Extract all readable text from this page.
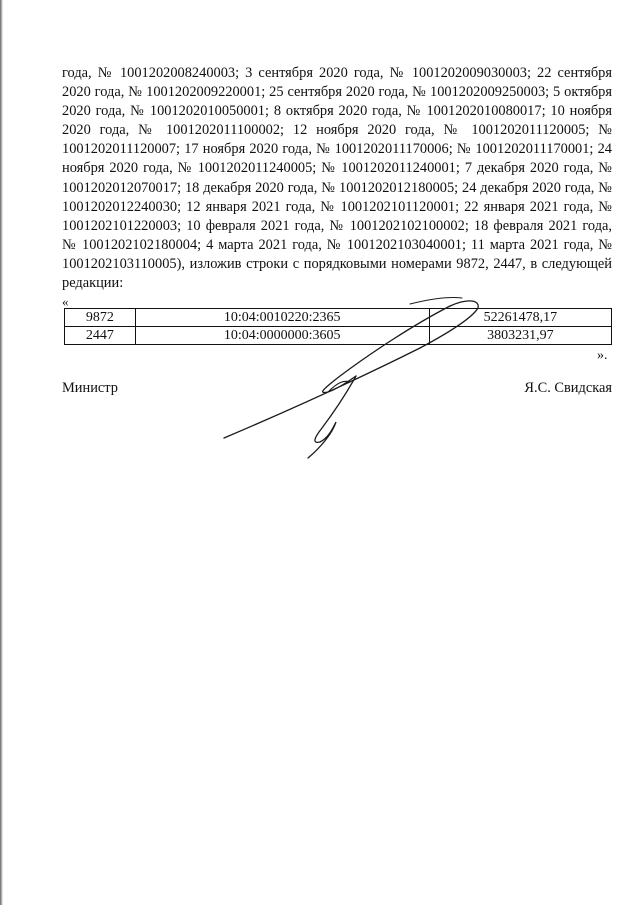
года, № 1001202008240003; 3 сентября 2020 года, № 1001202009030003; 22 сентября 2020 года, № 1001202009220001; 25 сентября 2020 года, № 1001202009250003; 5 октября 2020 года, № 1001202010050001; 8 октября 2020 года, № 1001202010080017; 10 ноября 2020 года, № 1001202011100002; 12 ноября 2020 года, № 1001202011120005; № 1001202011120007; 17 ноября 2020 года, № 1001202011170006; № 1001202011170001; 24 ноября 2020 года, № 1001202011240005; № 1001202011240001; 7 декабря 2020 года, № 1001202012070017; 18 декабря 2020 года, № 1001202012180005; 24 декабря 2020 года, № 1001202012240030; 12 января 2021 года, № 1001202101120001; 22 января 2021 года, № 1001202101220003; 10 февраля 2021 года, № 1001202102100002; 18 февраля 2021 года, № 1001202102180004; 4 марта 2021 года, № 1001202103040001; 11 марта 2021 года, № 1001202103110005), изложив строки с порядковыми номерами 9872, 2447, в следующей редакции:

«
9872	10:04:0010220:2365	52261478,17
2447	10:04:0000000:3605	3803231,97
».
Министр	Я.С. Свидская
